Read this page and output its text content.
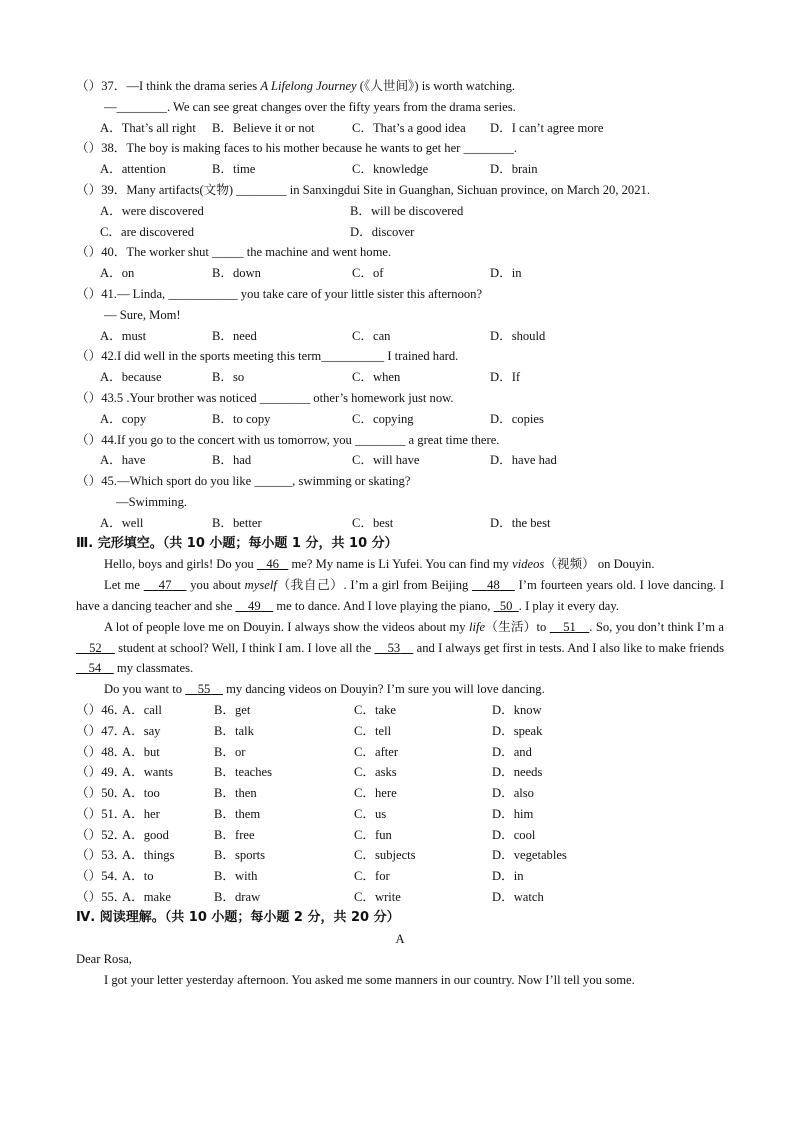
（）37． —I think the drama series A Lifelong Journey (《人世间》) is worth watching.
—________. We can see great changes over the fifty years from the drama series.
A．That’s all right	B．Believe it or not	C．That’s a good idea	D．I can’t agree more
（）38． The boy is making faces to his mother because he wants to get her ________.
A．attention	B．time	C．knowledge	D．brain
（）39． Many artifacts(文物) ________ in Sanxingdui Site in Guanghan, Sichuan province, on March 20, 2021.
A．were discovered	B．will be discovered
C．are discovered	D．discover
（）40． The worker shut _____ the machine and went home.
A．on	B．down	C．of	D．in
（）41. — Linda, ___________ you take care of your little sister this afternoon?
— Sure, Mom!
A．must	B．need	C．can	D．should
（）42. I did well in the sports meeting this term__________ I trained hard.
A．because	B．so	C．when	D．If
（）43.5 . Your brother was noticed ________ other’s homework just now.
A．copy	B．to copy	C．copying	D．copies
（）44. If you go to the concert with us tomorrow, you ________ a great time there.
A．have	B．had	C．will have	D．have had
（）45. —Which sport do you like ______, swimming or skating?
—Swimming.
A．well	B．better	C．best	D．the best
Ⅲ. 完形填空。（共 10 小题；每小题 1 分，共 10 分）
Hello, boys and girls! Do you    46    me? My name is Li Yufei. You can find my videos（视频） on Douyin.
Let me     47     you about myself（我自己）. I’m a girl from Beijing     48     I’m fourteen years old. I love dancing. I have a dancing teacher and she     49     me to dance. And I love playing the piano,   50 . I play it every day.
A lot of people love me on Douyin. I always show the videos about my life（生活）to     51 . So, you don’t think I’m a     52     student at school? Well, I think I am. I love all the     53     and I always get first in tests. And I also like to make friends     54     my classmates.
Do you want to     55     my dancing videos on Douyin? I’m sure you will love dancing.
（）46．
A．call	B．get	C．take	D．know
（）47．
A．say	B．talk	C．tell	D．speak
（）48．
A．but	B．or	C．after	D．and
（）49．
A．wants	B．teaches	C．asks	D．needs
（）50．
A．too	B．then	C．here	D．also
（）51．
A．her	B．them	C．us	D．him
（）52．
A．good	B．free	C．fun	D．cool
（）53．
A．things	B．sports	C．subjects	D．vegetables
（）54．
A．to	B．with	C．for	D．in
（）55．
A．make	B．draw	C．write	D．watch
Ⅳ. 阅读理解。（共 10 小题；每小题 2 分，共 20 分）
A
Dear Rosa,
I got your letter yesterday afternoon. You asked me some manners in our country. Now I’ll tell you some.
